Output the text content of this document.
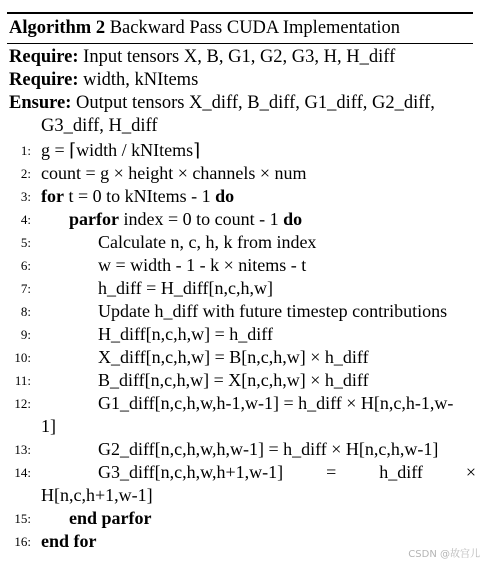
Algorithm 2 Backward Pass CUDA Implementation
Require: Input tensors X, B, G1, G2, G3, H, H_diff
Require: width, kNItems
Ensure: Output tensors X_diff, B_diff, G1_diff, G2_diff,
G3_diff, H_diff
1: g = ⌈width / kNItems⌉
2: count = g × height × channels × num
3: for t = 0 to kNItems - 1 do
4:	parfor index = 0 to count - 1 do
5:	Calculate n, c, h, k from index
6:	w = width - 1 - k × nitems - t
7:	h_diff = H_diff[n,c,h,w]
8:	Update h_diff with future timestep contributions
9:	H_diff[n,c,h,w] = h_diff
10:	X_diff[n,c,h,w] = B[n,c,h,w] × h_diff
11:	B_diff[n,c,h,w] = X[n,c,h,w] × h_diff
12:	G1_diff[n,c,h,w,h-1,w-1] = h_diff × H[n,c,h-1,w-
1]
13:	G2_diff[n,c,h,w,h,w-1] = h_diff × H[n,c,h,w-1]
14:	G3_diff[n,c,h,w,h+1,w-1] = h_diff ×
H[n,c,h+1,w-1]
15:	end parfor
16: end for
CSDN @故宫儿
